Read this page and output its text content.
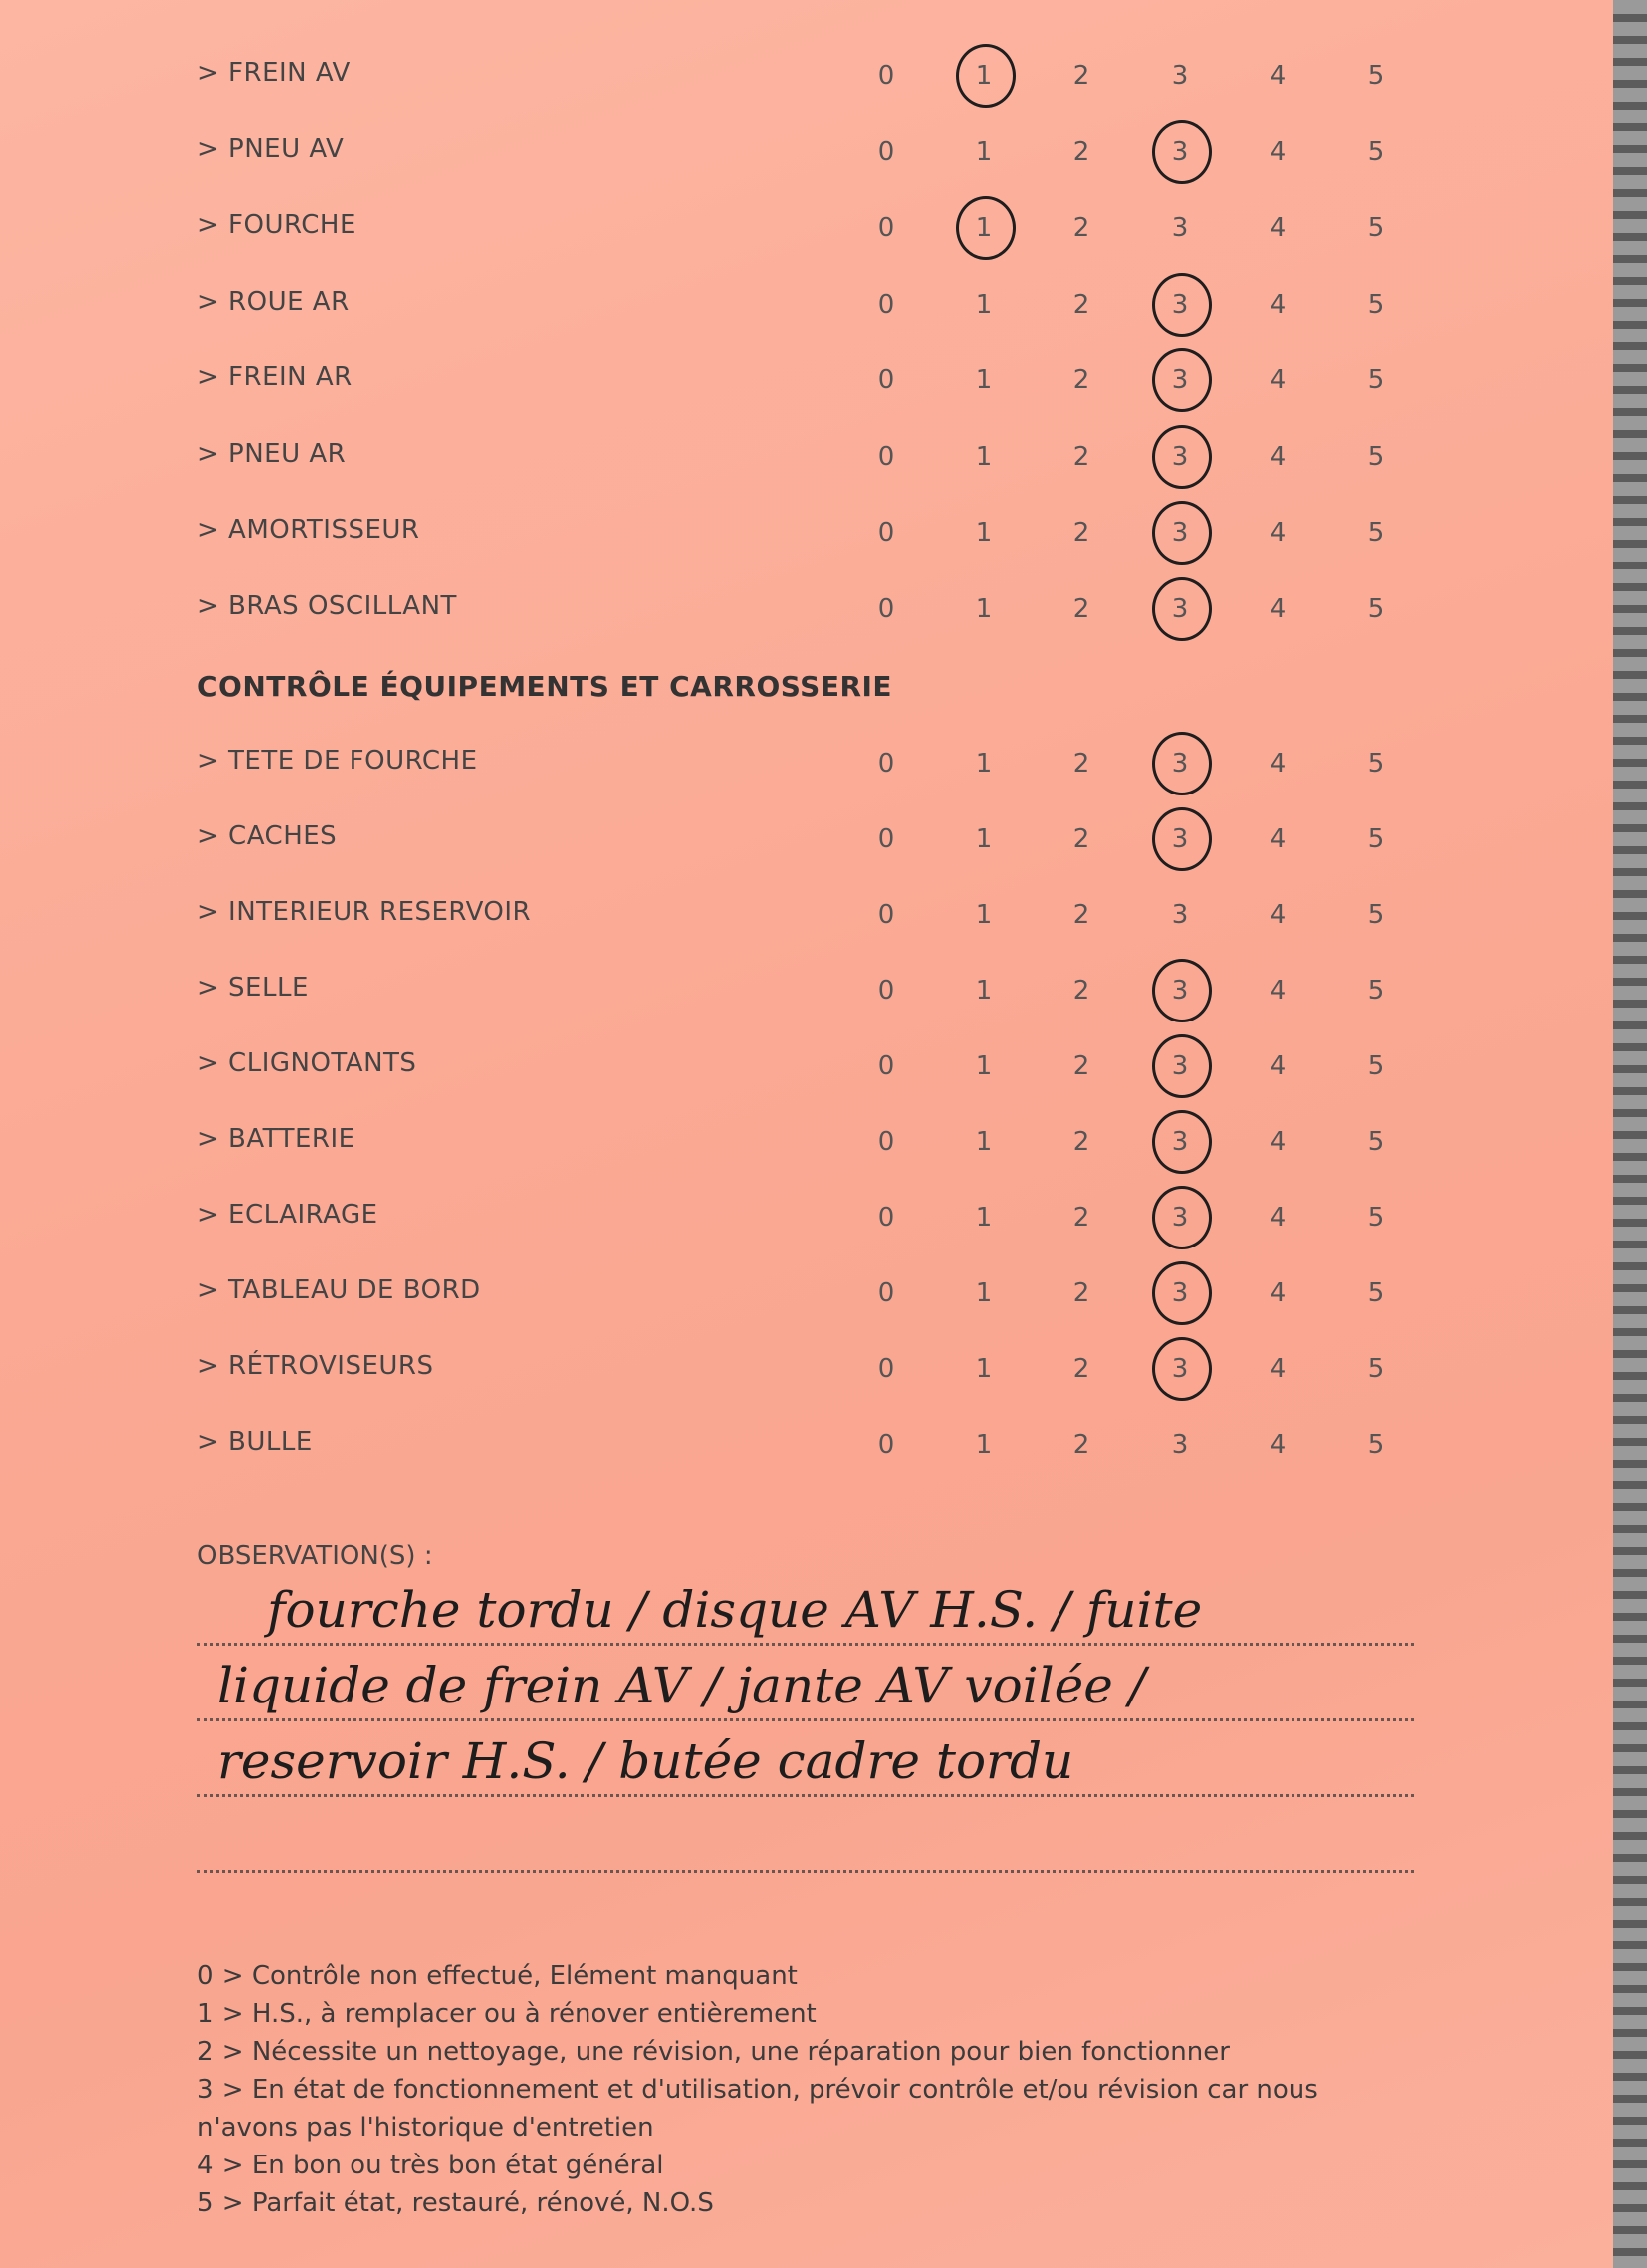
> FREIN AV	0	1	2	3	4	5
> PNEU AV	0	1	2	3	4	5
> FOURCHE	0	1	2	3	4	5
> ROUE AR	0	1	2	3	4	5
> FREIN AR	0	1	2	3	4	5
> PNEU AR	0	1	2	3	4	5
> AMORTISSEUR	0	1	2	3	4	5
> BRAS OSCILLANT	0	1	2	3	4	5
CONTRÔLE ÉQUIPEMENTS ET CARROSSERIE
> TETE DE FOURCHE	0	1	2	3	4	5
> CACHES	0	1	2	3	4	5
> INTERIEUR RESERVOIR	0	1	2	3	4	5
> SELLE	0	1	2	3	4	5
> CLIGNOTANTS	0	1	2	3	4	5
> BATTERIE	0	1	2	3	4	5
> ECLAIRAGE	0	1	2	3	4	5
> TABLEAU DE BORD	0	1	2	3	4	5
> RÉTROVISEURS	0	1	2	3	4	5
> BULLE	0	1	2	3	4	5
OBSERVATION(S) :
fourche tordu / disque AV H.S. / fuite
liquide de frein AV / jante AV voilée /
reservoir H.S. / butée cadre tordu
0 > Contrôle non effectué, Elément manquant
1 > H.S., à remplacer ou à rénover entièrement
2 > Nécessite un nettoyage, une révision, une réparation pour bien fonctionner
3 > En état de fonctionnement et d'utilisation, prévoir contrôle et/ou révision car nous
n'avons pas l'historique d'entretien
4 > En bon ou très bon état général
5 > Parfait état, restauré, rénové, N.O.S
